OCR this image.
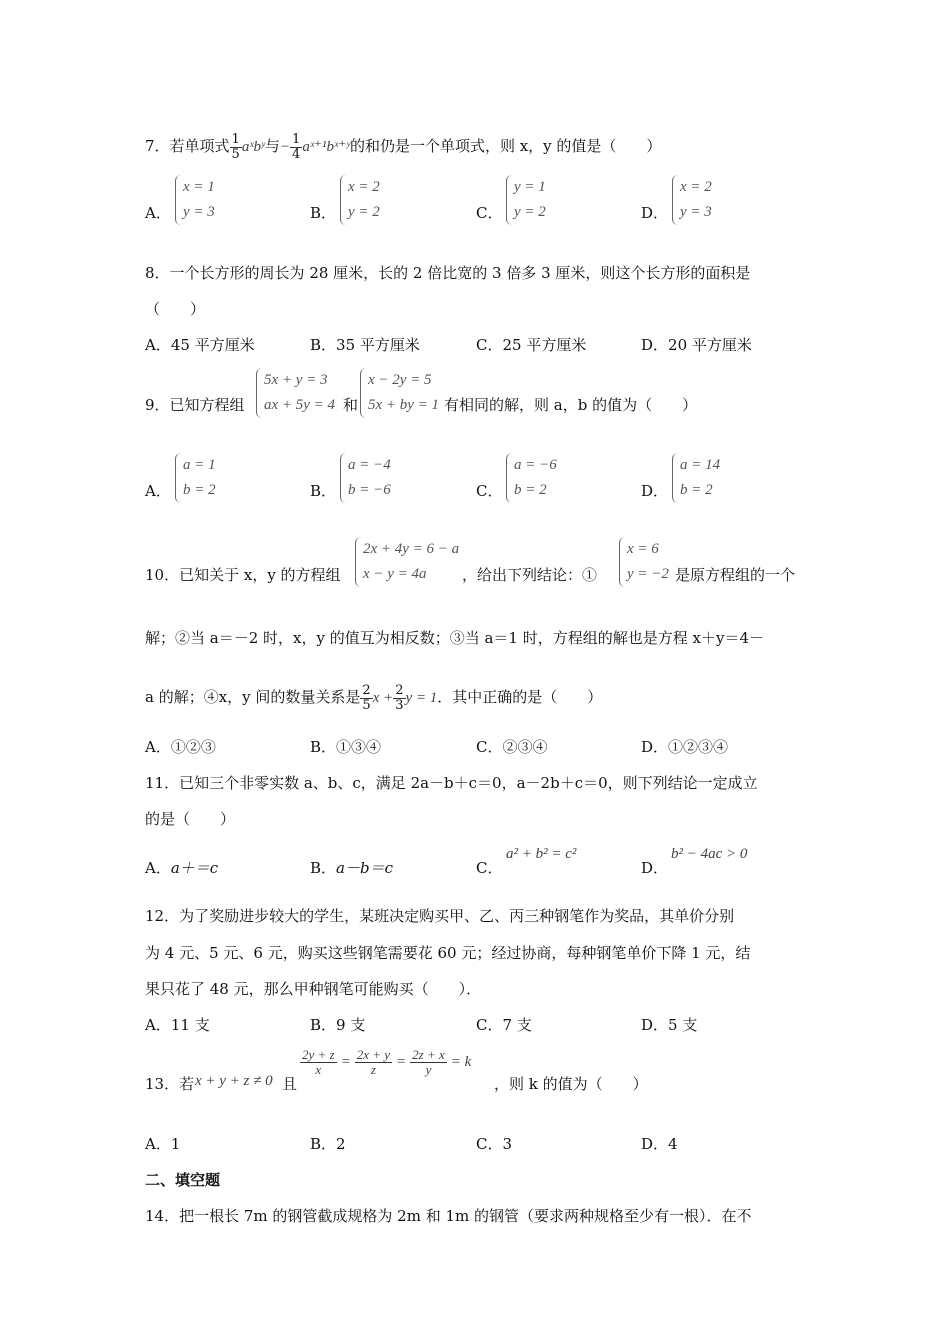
7．若单项式 $\frac{1}{5}$ aˣbʸ与− $\frac{1}{4}$ aˣ⁺¹bˣ⁺ʸ的和仍是一个单项式，则 x，y 的值是（　　）
A．
x = 1
y = 3	B．
x = 2
y = 2	C．
y = 1
y = 2	D．
x = 2
y = 3
8．一个长方形的周长为 28 厘米，长的 2 倍比宽的 3 倍多 3 厘米，则这个长方形的面积是
（　　）
A．45 平方厘米	B．35 平方厘米	C．25 平方厘米	D．20 平方厘米
9．已知方程组
5x + y = 3
ax + 5y = 4 和
x − 2y = 5
5x + by = 1 有相同的解，则 a，b 的值为（　　）
A．
a = 1
b = 2	B．
a = −4
b = −6	C．
a = −6
b = 2	D．
a = 14
b = 2
10．已知关于 x，y 的方程组
2x + 4y = 6 − a
x − y = 4a	，给出下列结论：①
x = 6
y = −2 是原方程组的一个
解；②当 a＝－2 时，x，y 的值互为相反数；③当 a＝1 时，方程组的解也是方程 x＋y＝4－
a 的解；④x，y 间的数量关系是 $\frac{2}{5}$ $x + \frac{2}{3}$ y = 1．其中正确的是（　　）
A．①②③	B．①③④	C．②③④	D．①②③④
11．已知三个非零实数 a、b、c，满足 2a－b＋c＝0，a－2b＋c＝0，则下列结论一定成立
的是（　　）
A．a＋＝c	B．a－b＝c	C．
a² + b² = c²
D．
b² − 4ac > 0
12．为了奖励进步较大的学生，某班决定购买甲、乙、丙三种钢笔作为奖品，其单价分别
为 4 元、5 元、6 元，购买这些钢笔需要花 60 元；经过协商，每种钢笔单价下降 1 元，结
果只花了 48 元，那么甲种钢笔可能购买（　　）．
A．11 支	B．9 支	C．7 支	D．5 支
13．若 x + y + z ≠ 0 且
$\frac{2y + z}{x} = \frac{2x + y}{z} = \frac{2z + x}{y} = k$
，则 k 的值为（　　）
A．1	B．2	C．3	D．4
二、填空题
14．把一根长 7m 的钢管截成规格为 2m 和 1m 的钢管（要求两种规格至少有一根）．在不
